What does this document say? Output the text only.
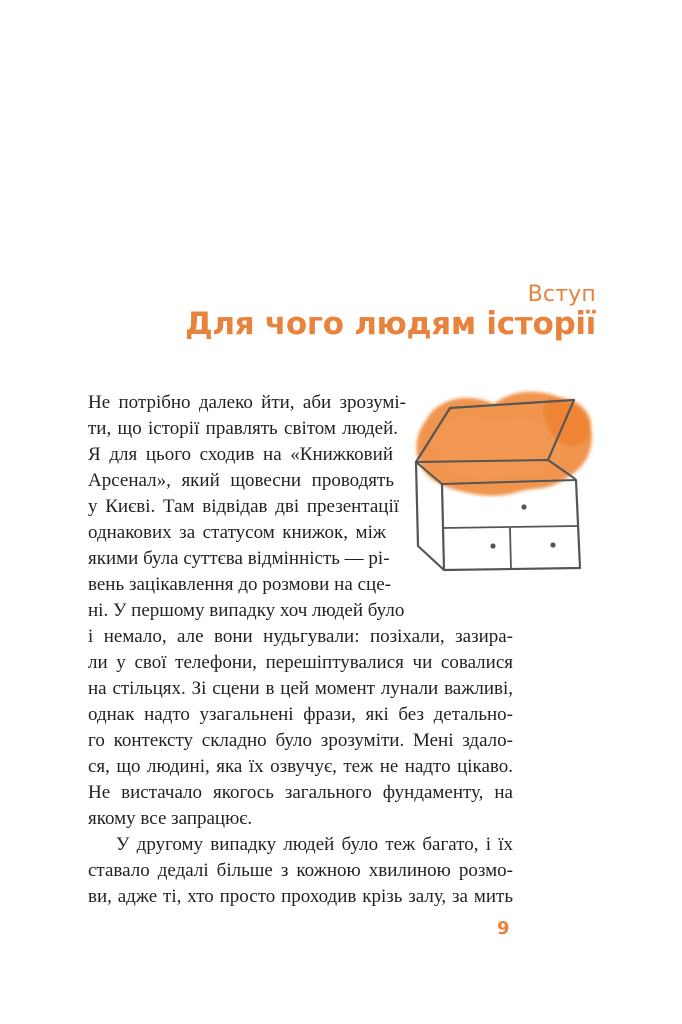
Вступ
Для чого людям історії
Не потрібно далеко йти, аби зрозумі-
ти, що історії правлять світом людей.
Я для цього сходив на «Книжковий
Арсенал», який щовесни проводять
у Києві. Там відвідав дві презентації
однакових за статусом книжок, між
якими була суттєва відмінність — рі-
вень зацікавлення до розмови на сце-
ні. У першому випадку хоч людей було
і немало, але вони нудьгували: позіхали, зазира-
ли у свої телефони, перешіптувалися чи совалися
на стільцях. Зі сцени в цей момент лунали важливі,
однак надто узагальнені фрази, які без детально-
го контексту складно було зрозуміти. Мені здало-
ся, що людині, яка їх озвучує, теж не надто цікаво.
Не вистачало якогось загального фундаменту, на
якому все запрацює.
У другому випадку людей було теж багато, і їх
ставало дедалі більше з кожною хвилиною розмо-
ви, адже ті, хто просто проходив крізь залу, за мить
9
